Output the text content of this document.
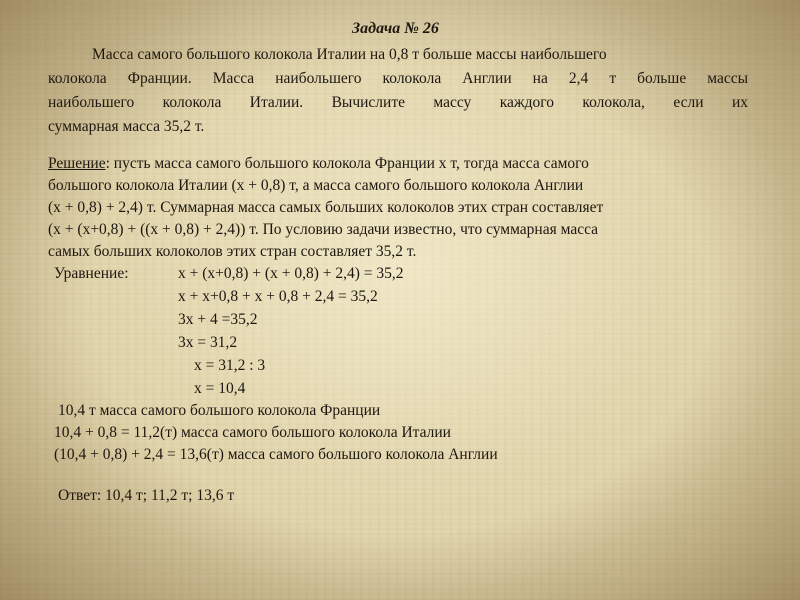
Задача № 26
Масса самого большого колокола Италии на 0,8 т больше массы наибольшего
колокола Франции. Масса наибольшего колокола Англии на 2,4 т больше массы
наибольшего колокола Италии. Вычислите массу каждого колокола, если их
суммарная масса 35,2 т.
Решение: пусть масса самого большого колокола Франции х т, тогда масса самого
большого колокола Италии (х + 0,8) т, а масса самого большого колокола Англии
(х + 0,8) + 2,4) т. Суммарная масса самых больших колоколов этих стран составляет
(х + (х+0,8) + ((х + 0,8) + 2,4)) т. По условию задачи известно, что суммарная масса
самых больших колоколов этих стран составляет 35,2 т.
Уравнение:	х + (х+0,8) + (х + 0,8) + 2,4) = 35,2
х + х+0,8 + х + 0,8 + 2,4 = 35,2
3х + 4 =35,2
3х = 31,2
х = 31,2 : 3
х = 10,4
10,4 т масса самого большого колокола Франции
10,4 + 0,8 = 11,2(т) масса самого большого колокола Италии
(10,4 + 0,8) + 2,4 = 13,6(т) масса самого большого колокола Англии
Ответ: 10,4 т; 11,2 т; 13,6 т
